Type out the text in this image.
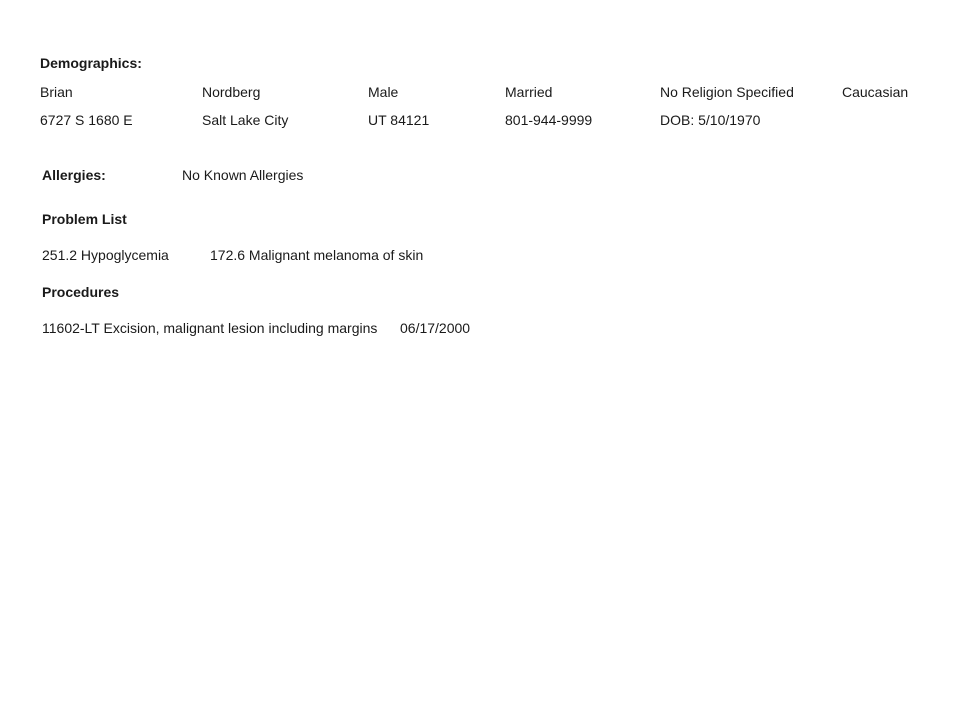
Demographics:
Brian	Nordberg	Male	Married	No Religion Specified	Caucasian
6727 S 1680 E	Salt Lake City	UT 84121	801-944-9999	DOB: 5/10/1970
Allergies:	No Known Allergies
Problem List
251.2 Hypoglycemia	172.6 Malignant melanoma of skin
Procedures
11602-LT Excision, malignant lesion including margins 06/17/2000
